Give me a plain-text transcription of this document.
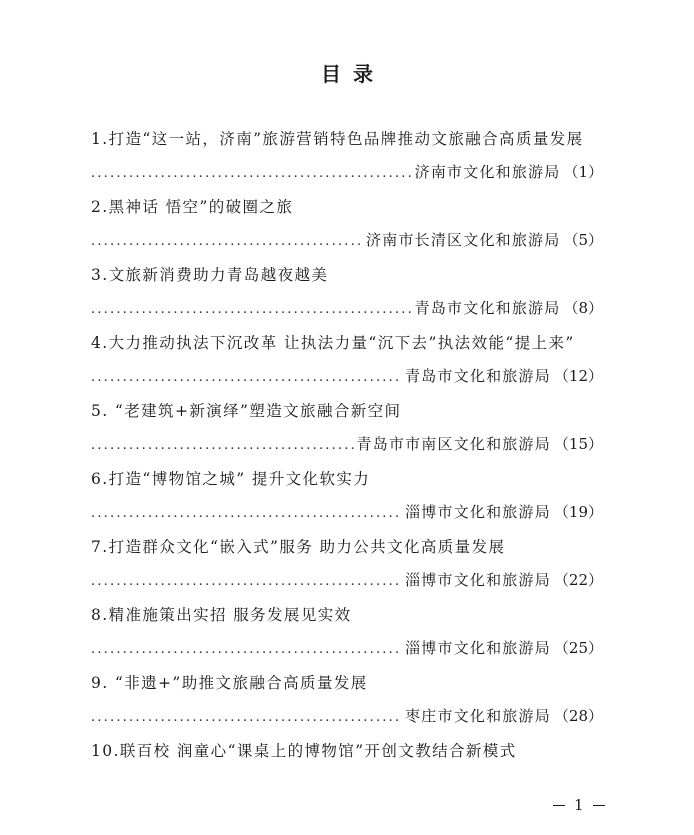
目录
1.打造“这一站，济南”旅游营销特色品牌推动文旅融合高质量发展
.....
济南市文化和旅游局 （1）
2.黑神话 悟空”的破圈之旅
.....
济南市长清区文化和旅游局 （5）
3.文旅新消费助力青岛越夜越美
.....
青岛市文化和旅游局 （8）
4.大力推动执法下沉改革 让执法力量“沉下去”执法效能“提上来”
.....
青岛市文化和旅游局 （12）
5. “老建筑+新演绎”塑造文旅融合新空间
.....
青岛市市南区文化和旅游局 （15）
6.打造“博物馆之城” 提升文化软实力
.....
淄博市文化和旅游局 （19）
7.打造群众文化“嵌入式”服务 助力公共文化高质量发展
.....
淄博市文化和旅游局 （22）
8.精准施策出实招 服务发展见实效
.....
淄博市文化和旅游局 （25）
9. “非遗+”助推文旅融合高质量发展
.....
枣庄市文化和旅游局 （28）
10.联百校 润童心“课桌上的博物馆”开创文教结合新模式
1
